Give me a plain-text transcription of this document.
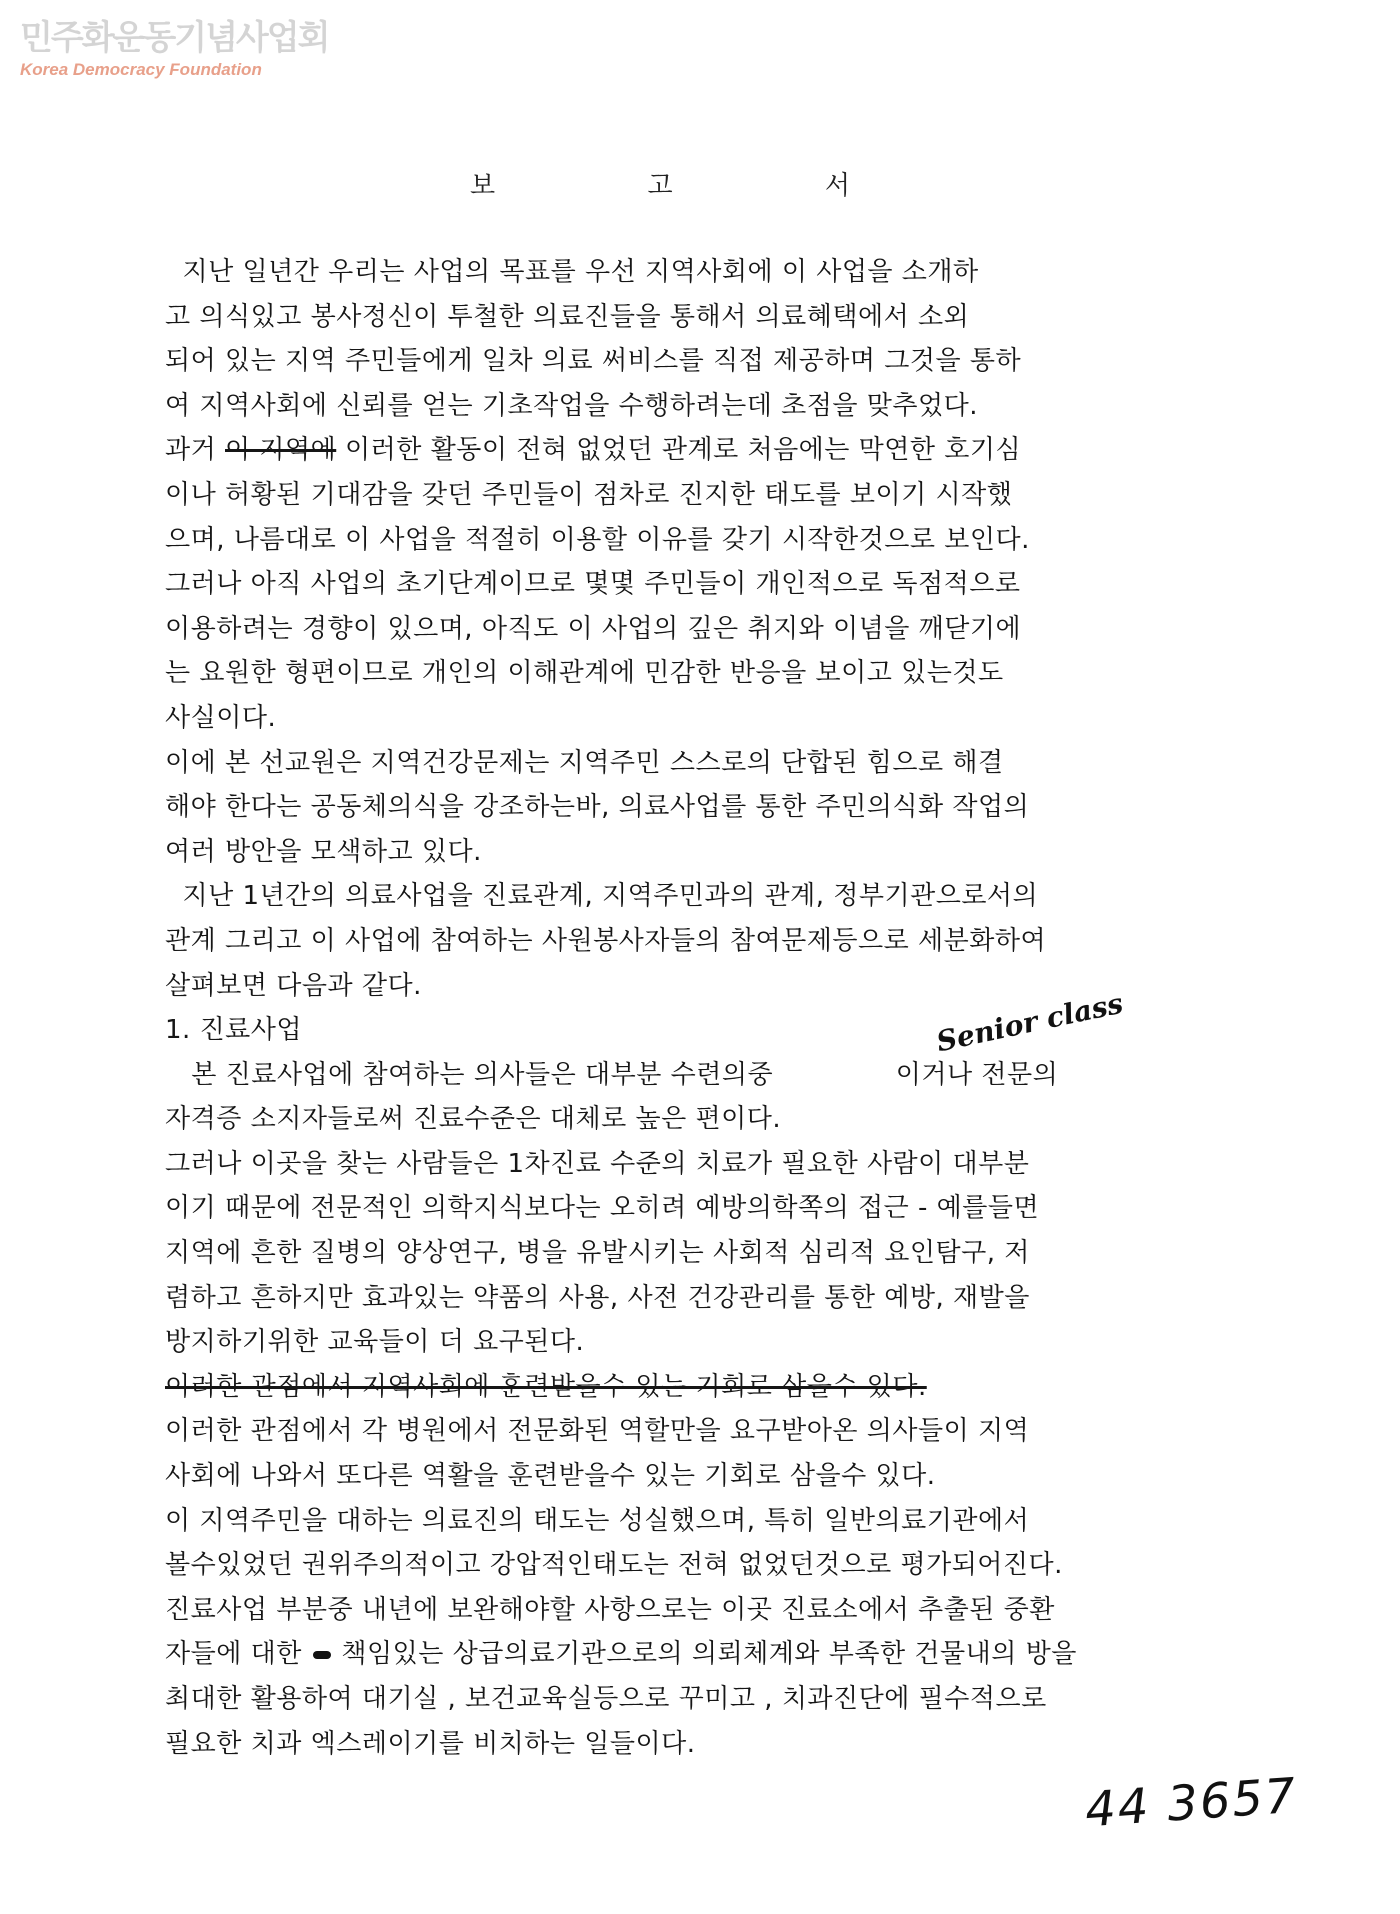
민주화운동기념사업회
Korea Democracy Foundation
보	고	서
지난 일년간 우리는 사업의 목표를 우선 지역사회에 이 사업을 소개하
고 의식있고 봉사정신이 투철한 의료진들을 통해서 의료혜택에서 소외
되어 있는 지역 주민들에게 일차 의료 써비스를 직접 제공하며 그것을 통하
여 지역사회에 신뢰를 얻는 기초작업을 수행하려는데 초점을 맞추었다.
과거 이 지역에 이러한 활동이 전혀 없었던 관계로 처음에는 막연한 호기심
이나 허황된 기대감을 갖던 주민들이 점차로 진지한 태도를 보이기 시작했
으며, 나름대로 이 사업을 적절히 이용할 이유를 갖기 시작한것으로 보인다.
그러나 아직 사업의 초기단계이므로 몇몇 주민들이 개인적으로 독점적으로
이용하려는 경향이 있으며, 아직도 이 사업의 깊은 취지와 이념을 깨닫기에
는 요원한 형편이므로 개인의 이해관계에 민감한 반응을 보이고 있는것도
사실이다.
이에 본 선교원은 지역건강문제는 지역주민 스스로의 단합된 힘으로 해결
해야 한다는 공동체의식을 강조하는바, 의료사업를 통한 주민의식화 작업의
여러 방안을 모색하고 있다.
지난 1년간의 의료사업을 진료관계, 지역주민과의 관계, 정부기관으로서의
관계 그리고 이 사업에 참여하는 사원봉사자들의 참여문제등으로 세분화하여
살펴보면 다음과 같다.
1. 진료사업
본 진료사업에 참여하는 의사들은 대부분 수련의중              이거나 전문의
자격증 소지자들로써 진료수준은 대체로 높은 편이다.
그러나 이곳을 찾는 사람들은 1차진료 수준의 치료가 필요한 사람이 대부분
이기 때문에 전문적인 의학지식보다는 오히려 예방의학쪽의 접근 - 예를들면
지역에 흔한 질병의 양상연구, 병을 유발시키는 사회적 심리적 요인탐구, 저
렴하고 흔하지만 효과있는 약품의 사용, 사전 건강관리를 통한 예방, 재발을
방지하기위한 교육들이 더 요구된다.
이러한 관점에서 지역사회에 훈련받을수 있는 기회로 삼을수 있다.
이러한 관점에서 각 병원에서 전문화된 역할만을 요구받아온 의사들이 지역
사회에 나와서 또다른 역활을 훈련받을수 있는 기회로 삼을수 있다.
이 지역주민을 대하는 의료진의 태도는 성실했으며, 특히 일반의료기관에서
볼수있었던 권위주의적이고 강압적인태도는 전혀 없었던것으로 평가되어진다.
진료사업 부분중 내년에 보완해야할 사항으로는 이곳 진료소에서 추출된 중환
자들에 대한  책임있는 상급의료기관으로의 의뢰체계와 부족한 건물내의 방을
최대한 활용하여 대기실 , 보건교육실등으로 꾸미고 , 치과진단에 필수적으로
필요한 치과 엑스레이기를 비치하는 일들이다.
Senior class
44 3657
